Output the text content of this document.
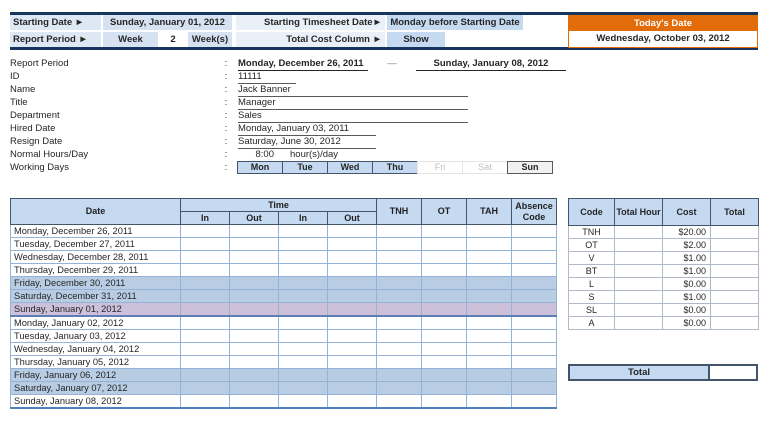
Starting Date ►	Sunday, January 01, 2012	Starting Timesheet Date► Monday before Starting Date
Report Period ►	Week	2	Week(s)	Total Cost Column ►	Show
Today's Date
Wednesday, October 03, 2012
Report Period	:	Monday, December 26, 2011	—	Sunday, January 08, 2012
ID	:	11111
Name	:	Jack Banner
Title	:	Manager
Department	:	Sales
Hired Date	:	Monday, January 03, 2011
Resign Date	:	Saturday, June 30, 2012
Normal Hours/Day	:	8:00 hour(s)/day
Working Days	:	Mon	Tue	Wed	Thu	Fri	Sat	Sun
Date	Time				TNH	OT	TAH	Absence Code
	In	Out	In	Out				
Monday, December 26, 2011								
Tuesday, December 27, 2011								
Wednesday, December 28, 2011								
Thursday, December 29, 2011								
Friday, December 30, 2011								
Saturday, December 31, 2011								
Sunday, January 01, 2012								
Monday, January 02, 2012								
Tuesday, January 03, 2012								
Wednesday, January 04, 2012								
Thursday, January 05, 2012								
Friday, January 06, 2012								
Saturday, January 07, 2012								
Sunday, January 08, 2012								
Code	Total Hour	Cost	Total
TNH		$20.00	
OT		$2.00	
V		$1.00	
BT		$1.00	
L		$0.00	
S		$1.00	
SL		$0.00	
A		$0.00	
Total
